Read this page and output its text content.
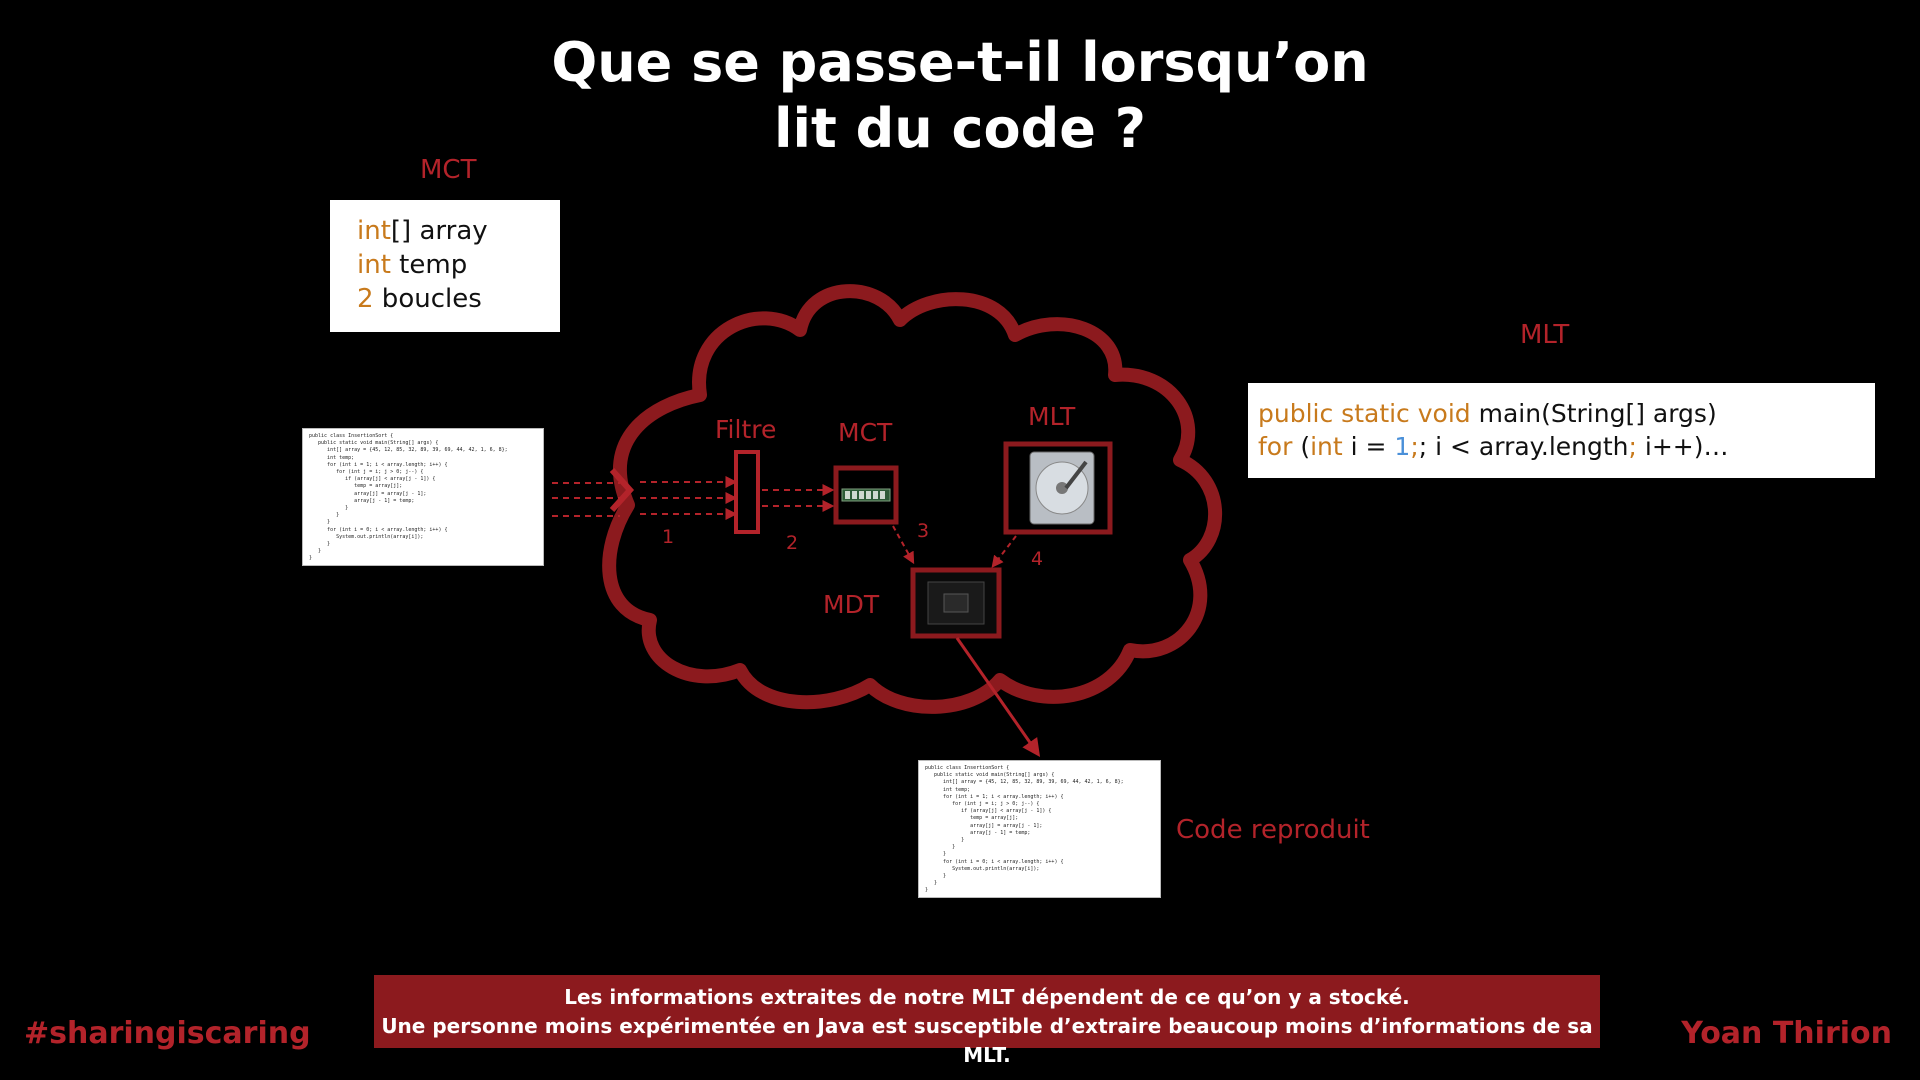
Que se passe-t-il lorsqu’on
lit du code ?
MCT
int[] array
int temp
2 boucles
MLT
public static void main(String[] args)
for (int i = 1;; i < array.length; i++)…
public class InsertionSort {
public static void main(String[] args) {
int[] array = {45, 12, 85, 32, 89, 39, 69, 44, 42, 1, 6, 8};
int temp;
for (int i = 1; i < array.length; i++) {
for (int j = i; j > 0; j--) {
if (array[j] < array[j - 1]) {
temp = array[j];
array[j] = array[j - 1];
array[j - 1] = temp;
}
}
}
for (int i = 0; i < array.length; i++) {
System.out.println(array[i]);
}
}
}
public class InsertionSort {
public static void main(String[] args) {
int[] array = {45, 12, 85, 32, 89, 39, 69, 44, 42, 1, 6, 8};
int temp;
for (int i = 1; i < array.length; i++) {
for (int j = i; j > 0; j--) {
if (array[j] < array[j - 1]) {
temp = array[j];
array[j] = array[j - 1];
array[j - 1] = temp;
}
}
}
for (int i = 0; i < array.length; i++) {
System.out.println(array[i]);
}
}
}
Filtre MCT
MLT
MDT
1	2
3
4
Code reproduit
Les informations extraites de notre MLT dépendent de ce qu’on y a stocké.
Une personne moins expérimentée en Java est susceptible d’extraire beaucoup moins d’informations de sa MLT.
#sharingiscaring	Yoan Thirion
